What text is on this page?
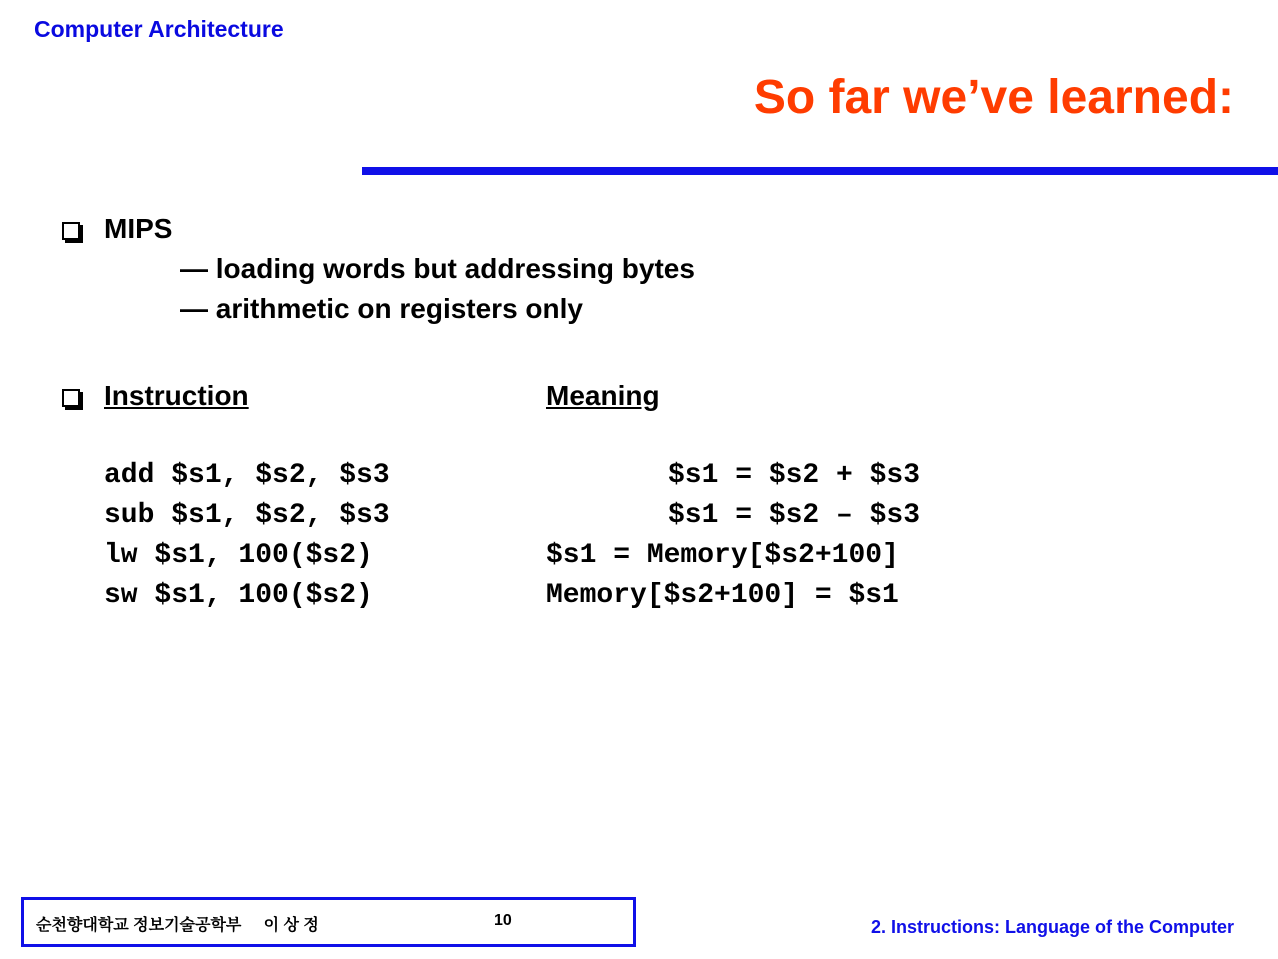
Computer Architecture
So far we’ve learned:
MIPS
— loading words but addressing bytes
— arithmetic on registers only
Instruction	Meaning
add $s1, $s2, $s3	$s1 = $s2 + $s3
sub $s1, $s2, $s3	$s1 = $s2 – $s3
lw $s1, 100($s2)	$s1 = Memory[$s2+100]
sw $s1, 100($s2)	Memory[$s2+100] = $s1
순천향대학교 정보기술공학부 이 상 정	10	2. Instructions: Language of the Computer
